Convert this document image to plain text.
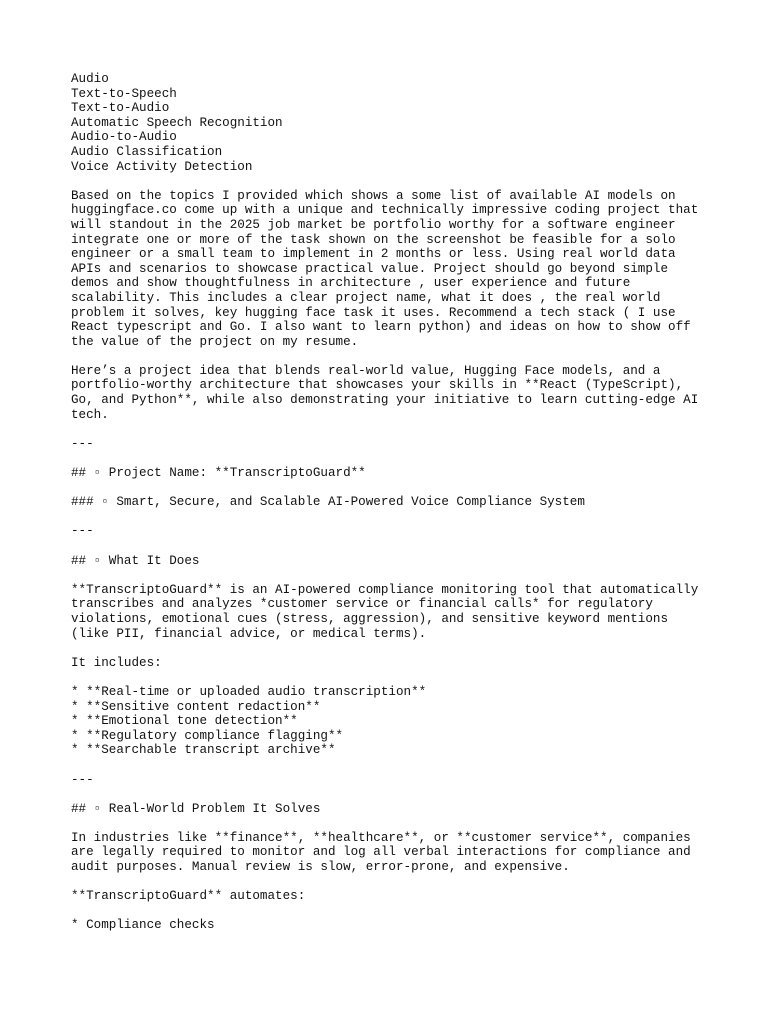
Audio
Text-to-Speech
Text-to-Audio
Automatic Speech Recognition
Audio-to-Audio
Audio Classification
Voice Activity Detection
Based on the topics I provided which shows a some list of available AI models on
huggingface.co come up with a unique and technically impressive coding project that
will standout in the 2025 job market be portfolio worthy for a software engineer
integrate one or more of the task shown on the screenshot be feasible for a solo
engineer or a small team to implement in 2 months or less. Using real world data
APIs and scenarios to showcase practical value. Project should go beyond simple
demos and show thoughtfulness in architecture , user experience and future
scalability. This includes a clear project name, what it does , the real world
problem it solves, key hugging face task it uses. Recommend a tech stack ( I use
React typescript and Go. I also want to learn python) and ideas on how to show off
the value of the project on my resume.
Here’s a project idea that blends real-world value, Hugging Face models, and a
portfolio-worthy architecture that showcases your skills in **React (TypeScript),
Go, and Python**, while also demonstrating your initiative to learn cutting-edge AI
tech.
---
## ▫ Project Name: **TranscriptoGuard**
### ▫ Smart, Secure, and Scalable AI-Powered Voice Compliance System
---
## ▫ What It Does
**TranscriptoGuard** is an AI-powered compliance monitoring tool that automatically
transcribes and analyzes *customer service or financial calls* for regulatory
violations, emotional cues (stress, aggression), and sensitive keyword mentions
(like PII, financial advice, or medical terms).
It includes:
* **Real-time or uploaded audio transcription**
* **Sensitive content redaction**
* **Emotional tone detection**
* **Regulatory compliance flagging**
* **Searchable transcript archive**
---
## ▫ Real-World Problem It Solves
In industries like **finance**, **healthcare**, or **customer service**, companies
are legally required to monitor and log all verbal interactions for compliance and
audit purposes. Manual review is slow, error-prone, and expensive.
**TranscriptoGuard** automates:
* Compliance checks
